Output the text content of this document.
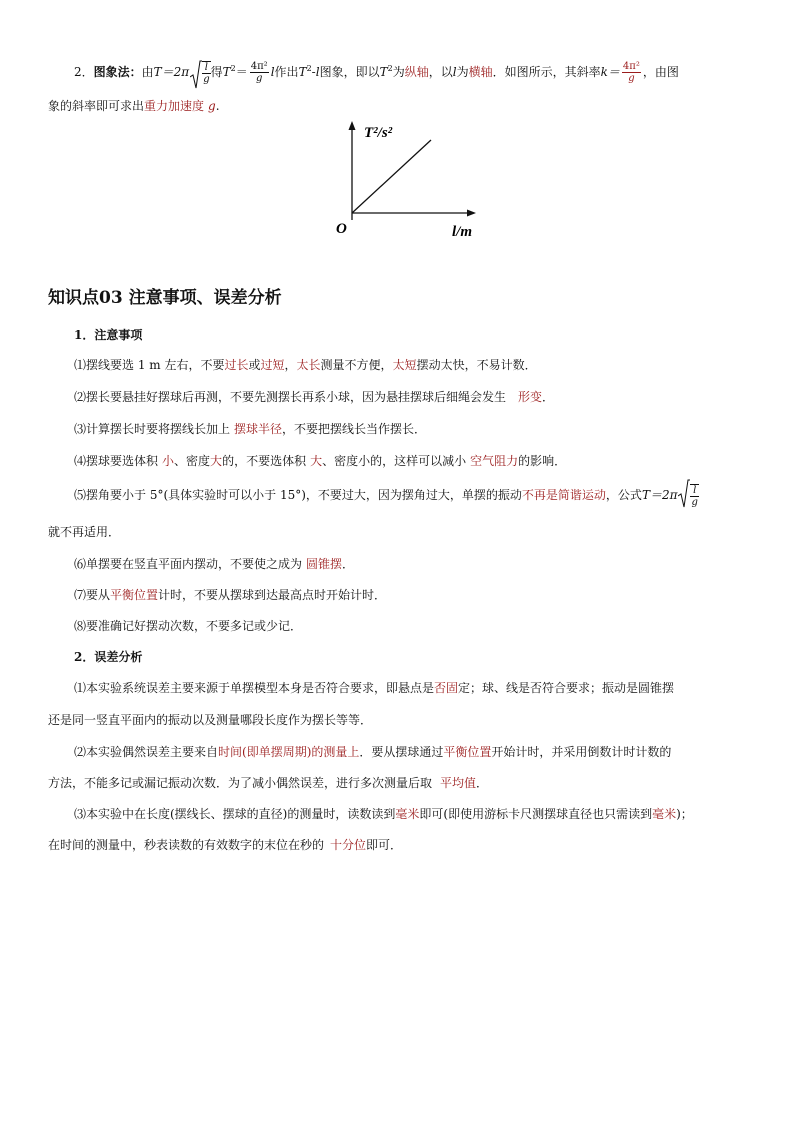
2．图象法：由$T=2\pi \frac{l}{g}$ 得$T^2= \frac{\text{4π²}}{g}$ l作出$T^2-l$图象，即以$T^2$为纵轴，以l为横轴．如图所示，其斜率$k= \frac{\text{4π²}}{g}$ ，由图
象的斜率即可求出重力加速度 g.
T²/s²
l/m
O
知识点03 注意事项、误差分析
1．注意事项
⑴摆线要选 1 m 左右，不要过长或过短，太长测量不方便，太短摆动太快，不易计数．
⑵摆长要悬挂好摆球后再测，不要先测摆长再系小球，因为悬挂摆球后细绳会发生 形变．
⑶计算摆长时要将摆线长加上 摆球半径，不要把摆线长当作摆长．
⑷摆球要选体积 小、密度大的，不要选体积 大、密度小的，这样可以减小 空气阻力的影响．
⑸摆角要小于 5°(具体实验时可以小于 15°)，不要过大，因为摆角过大，单摆的振动不再是简谐运动，公式$T=2\pi \frac{l}{g}$
就不再适用．
⑹单摆要在竖直平面内摆动，不要使之成为 圆锥摆．
⑺要从平衡位置计时，不要从摆球到达最高点时开始计时．
⑻要准确记好摆动次数，不要多记或少记．
2．误差分析
⑴本实验系统误差主要来源于单摆模型本身是否符合要求，即悬点是否固定；球、线是否符合要求；振动是圆锥摆
还是同一竖直平面内的振动以及测量哪段长度作为摆长等等．
⑵本实验偶然误差主要来自时间(即单摆周期)的测量上．要从摆球通过平衡位置开始计时，并采用倒数计时计数的
方法，不能多记或漏记振动次数．为了减小偶然误差，进行多次测量后取 平均值．
⑶本实验中在长度(摆线长、摆球的直径)的测量时，读数读到毫米即可(即使用游标卡尺测摆球直径也只需读到毫米)；
在时间的测量中，秒表读数的有效数字的末位在秒的 十分位即可．
